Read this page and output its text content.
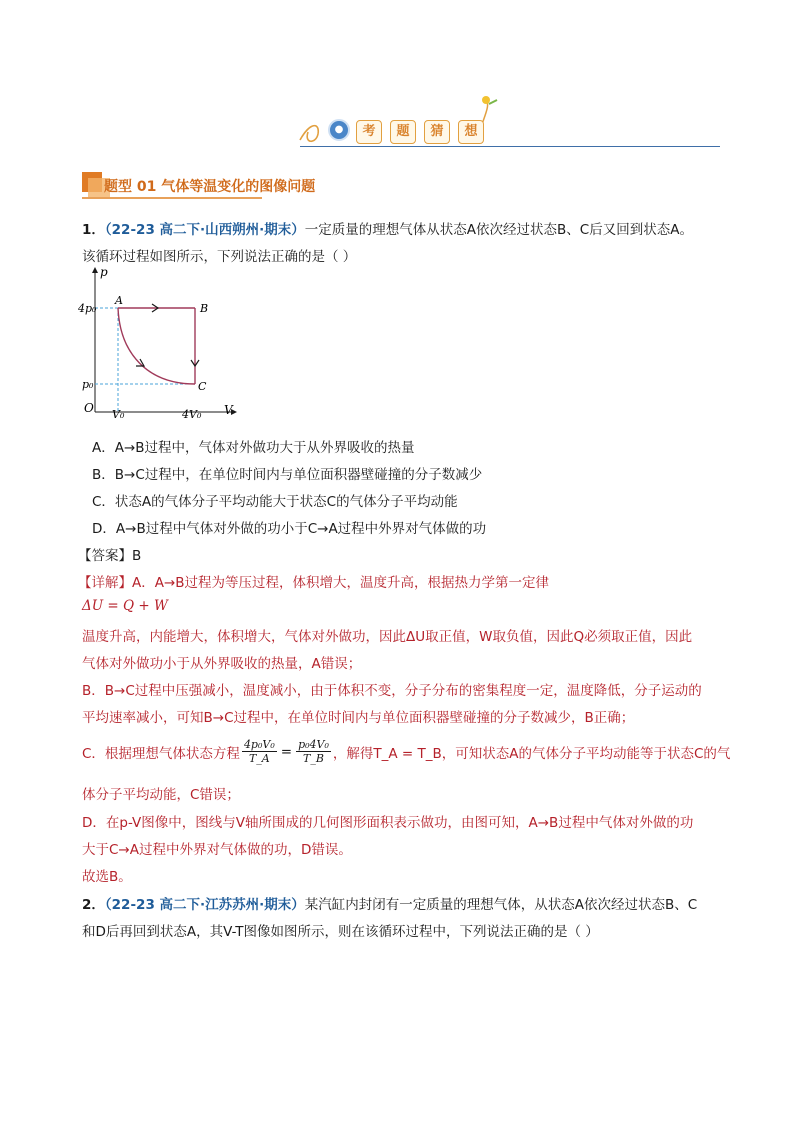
●	考	题	猜	想
题型 01 气体等温变化的图像问题
1．（22-23 高二下·山西朔州·期末）一定质量的理想气体从状态A依次经过状态B、C后又回到状态A。
该循环过程如图所示，下列说法正确的是（ ）
p
V
O
4p₀
p₀
V₀	4V₀
A
B
C
A．A→B过程中，气体对外做功大于从外界吸收的热量
B．B→C过程中，在单位时间内与单位面积器壁碰撞的分子数减少
C．状态A的气体分子平均动能大于状态C的气体分子平均动能
D．A→B过程中气体对外做的功小于C→A过程中外界对气体做的功
【答案】B
【详解】A．A→B过程为等压过程，体积增大，温度升高，根据热力学第一定律
ΔU = Q + W
温度升高，内能增大，体积增大，气体对外做功，因此ΔU取正值，W取负值，因此Q必须取正值，因此
气体对外做功小于从外界吸收的热量，A错误；
B．B→C过程中压强减小，温度减小，由于体积不变，分子分布的密集程度一定，温度降低，分子运动的
平均速率减小，可知B→C过程中，在单位时间内与单位面积器壁碰撞的分子数减少，B正确；
C．根据理想气体状态方程 $\frac{\text{4p₀V₀}}{T\_A} = \frac{\text{p₀4V₀}}{T\_B}$ ，解得T_A = T_B，可知状态A的气体分子平均动能等于状态C的气
体分子平均动能，C错误；
D．在p-V图像中，图线与V轴所围成的几何图形面积表示做功，由图可知，A→B过程中气体对外做的功
大于C→A过程中外界对气体做的功，D错误。
故选B。
2．（22-23 高二下·江苏苏州·期末）某汽缸内封闭有一定质量的理想气体，从状态A依次经过状态B、C
和D后再回到状态A，其V-T图像如图所示，则在该循环过程中，下列说法正确的是（ ）
